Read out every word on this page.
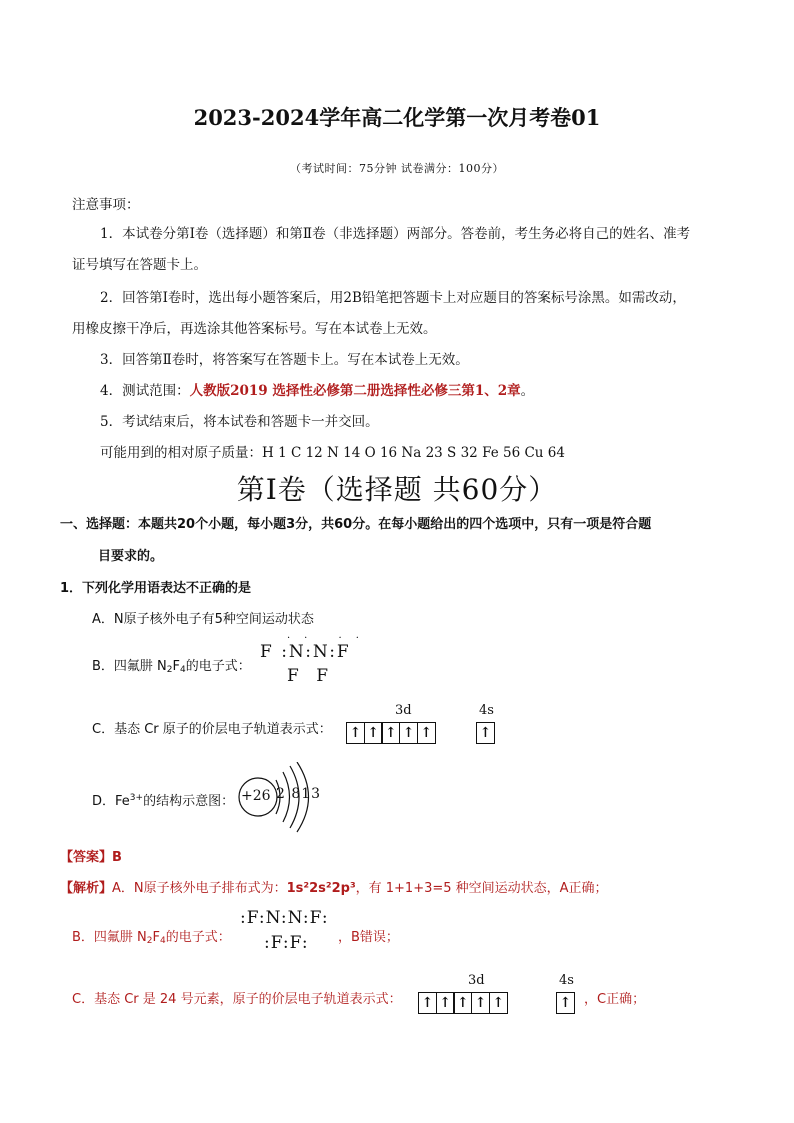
2023-2024学年高二化学第一次月考卷01
（考试时间：75分钟 试卷满分：100分）
注意事项：
1．本试卷分第Ⅰ卷（选择题）和第Ⅱ卷（非选择题）两部分。答卷前，考生务必将自己的姓名、准考
证号填写在答题卡上。
2．回答第Ⅰ卷时，选出每小题答案后，用2B铅笔把答题卡上对应题目的答案标号涂黑。如需改动，
用橡皮擦干净后，再选涂其他答案标号。写在本试卷上无效。
3．回答第Ⅱ卷时，将答案写在答题卡上。写在本试卷上无效。
4．测试范围：人教版2019 选择性必修第二册选择性必修三第1、2章。
5．考试结束后，将本试卷和答题卡一并交回。
可能用到的相对原子质量：H 1 C 12 N 14 O 16 Na 23 S 32 Fe 56 Cu 64
第Ⅰ卷（选择题 共60分）
一、选择题：本题共20个小题，每小题3分，共60分。在每小题给出的四个选项中，只有一项是符合题
目要求的。
1．下列化学用语表达不正确的是
A．N原子核外电子有5种空间运动状态
B．四氟肼 $N_2F_4$的电子式：
F :N:N:F
F F
·· ··
C．基态 Cr 原子的价层电子轨道表示式：
3d	4s
↑ ↑ ↑ ↑ ↑	↑
D．$Fe^{3+}$的结构示意图： +26 2 813
【答案】B
【解析】A．N原子核外电子排布式为：1s²2s²2p³，有 1+1+3=5 种空间运动状态，A正确；
B．四氟肼 $N_2F_4$的电子式：
:F:N:N:F:
:F:F: ，B错误；
C．基态 Cr 是 24 号元素，原子的价层电子轨道表示式：
3d	4s
↑ ↑ ↑ ↑ ↑	↑ ，C正确；
